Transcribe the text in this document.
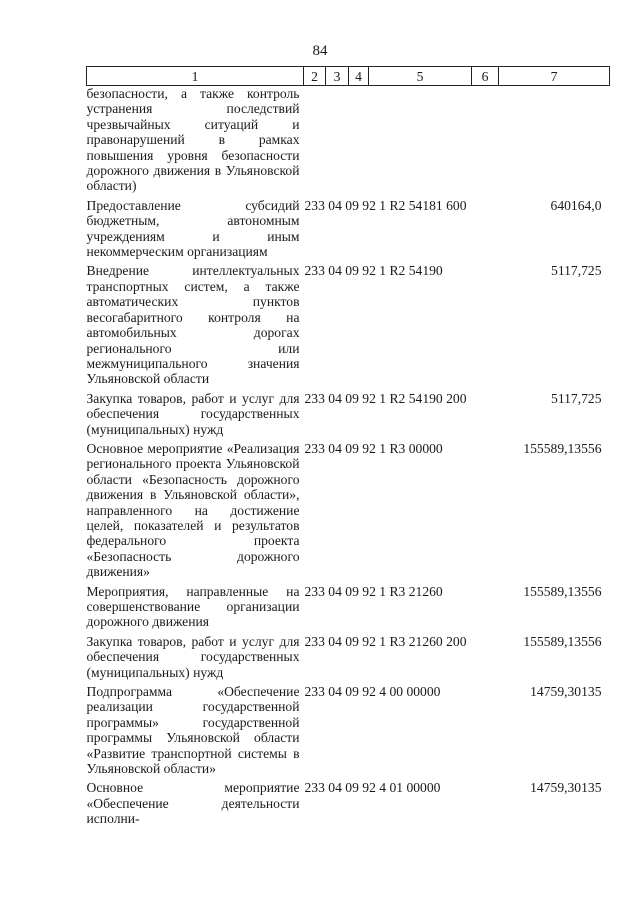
84
1	2	3	4	5	6	7
безопасности, а также контроль устранения последствий чрезвычайных ситуаций и правонарушений в рамках повышения уровня безопасности дорожного движения в Ульяновской области)						

Предоставление субсидий бюджетным, автономным учреждениям и иным некоммерческим организациям	233 04 09 92 1 R2 54181 600					640164,0

Внедрение интеллектуальных транспортных систем, а также автоматических пунктов весогабаритного контроля на автомобильных дорогах регионального или межмуниципального значения Ульяновской области	233 04 09 92 1 R2 54190					5117,725

Закупка товаров, работ и услуг для обеспечения государственных (муниципальных) нужд	233 04 09 92 1 R2 54190 200					5117,725

Основное мероприятие «Реализация регионального проекта Ульяновской области «Безопасность дорожного движения в Ульяновской области», направленного на достижение целей, показателей и результатов федерального проекта «Безопасность дорожного движения»	233 04 09 92 1 R3 00000					155589,13556

Мероприятия, направленные на совершенствование организации дорожного движения	233 04 09 92 1 R3 21260					155589,13556

Закупка товаров, работ и услуг для обеспечения государственных (муниципальных) нужд	233 04 09 92 1 R3 21260 200					155589,13556

Подпрограмма «Обеспечение реализации государственной программы» государственной программы Ульяновской области «Развитие транспортной системы в Ульяновской области»	233 04 09 92 4 00 00000					14759,30135

Основное мероприятие «Обеспечение деятельности исполни-	233 04 09 92 4 01 00000					14759,30135
